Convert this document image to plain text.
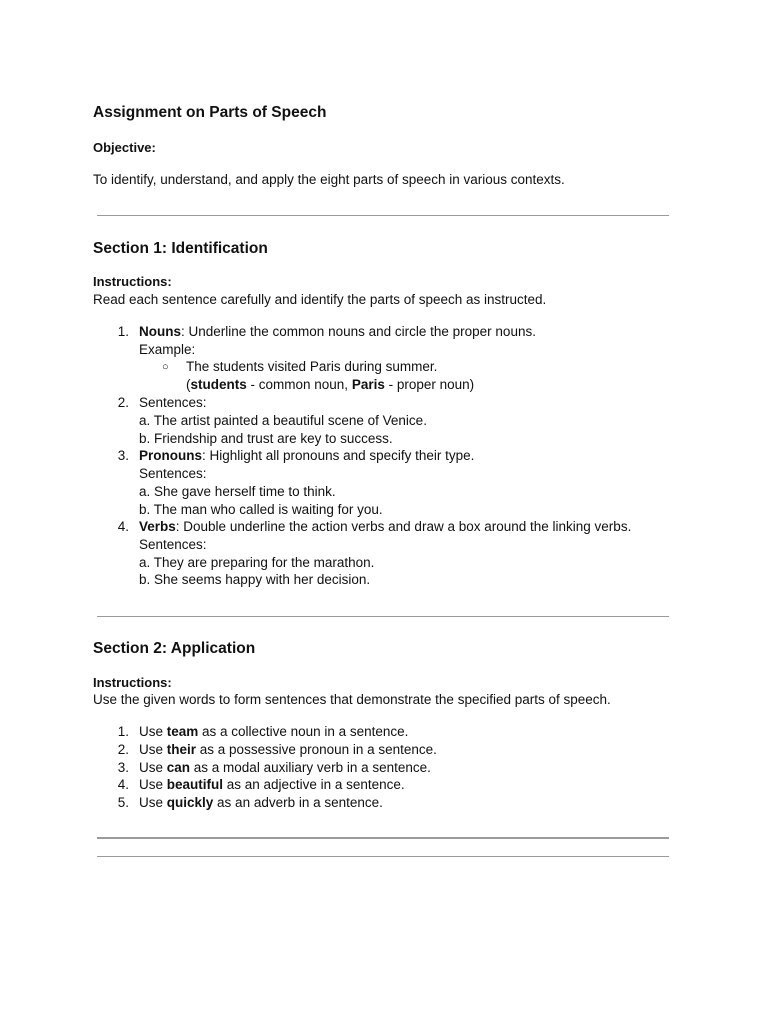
Assignment on Parts of Speech
Objective:
To identify, understand, and apply the eight parts of speech in various contexts.
Section 1: Identification
Instructions:
Read each sentence carefully and identify the parts of speech as instructed.
1. Nouns: Underline the common nouns and circle the proper nouns.
Example:
○ The students visited Paris during summer.
(students - common noun, Paris - proper noun)
2. Sentences:
a. The artist painted a beautiful scene of Venice.
b. Friendship and trust are key to success.
3. Pronouns: Highlight all pronouns and specify their type.
Sentences:
a. She gave herself time to think.
b. The man who called is waiting for you.
4. Verbs: Double underline the action verbs and draw a box around the linking verbs.
Sentences:
a. They are preparing for the marathon.
b. She seems happy with her decision.
Section 2: Application
Instructions:
Use the given words to form sentences that demonstrate the specified parts of speech.
1. Use team as a collective noun in a sentence.
2. Use their as a possessive pronoun in a sentence.
3. Use can as a modal auxiliary verb in a sentence.
4. Use beautiful as an adjective in a sentence.
5. Use quickly as an adverb in a sentence.
